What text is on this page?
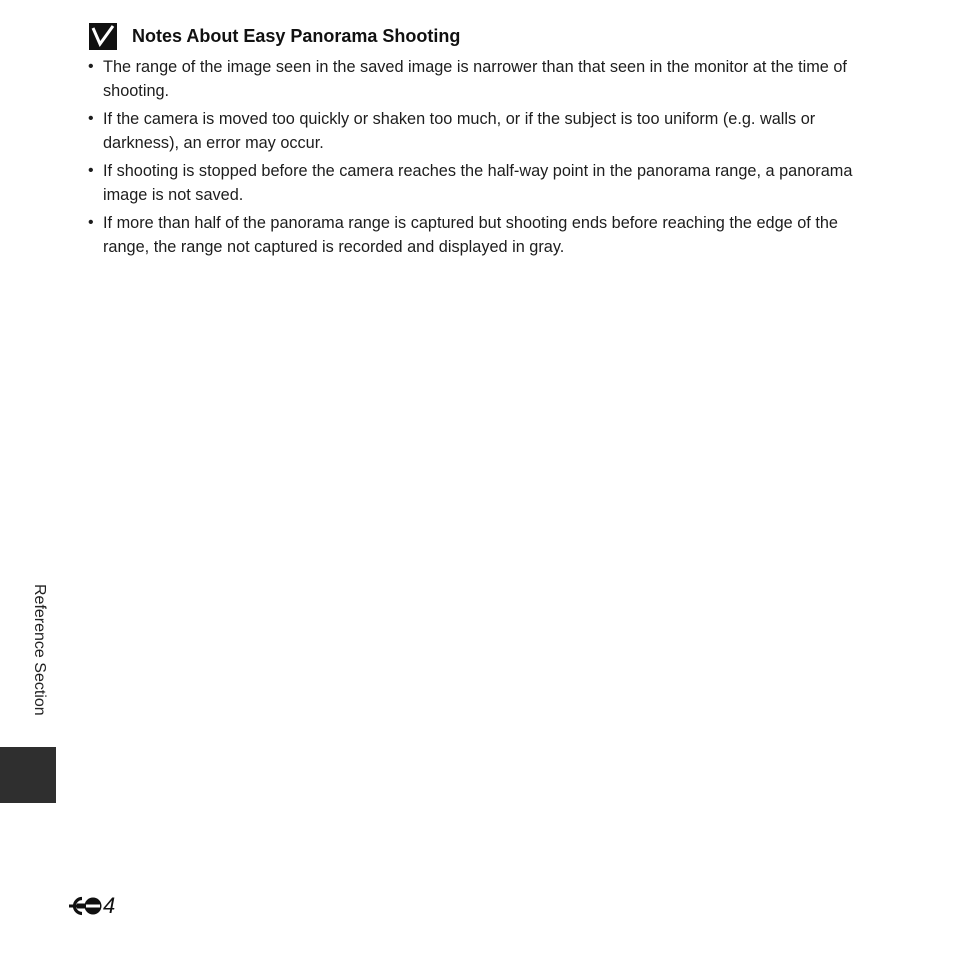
Notes About Easy Panorama Shooting
• The range of the image seen in the saved image is narrower than that seen in the monitor at the time of shooting.
• If the camera is moved too quickly or shaken too much, or if the subject is too uniform (e.g. walls or darkness), an error may occur.
• If shooting is stopped before the camera reaches the half-way point in the panorama range, a panorama image is not saved.
• If more than half of the panorama range is captured but shooting ends before reaching the edge of the range, the range not captured is recorded and displayed in gray.
Reference Section
4
